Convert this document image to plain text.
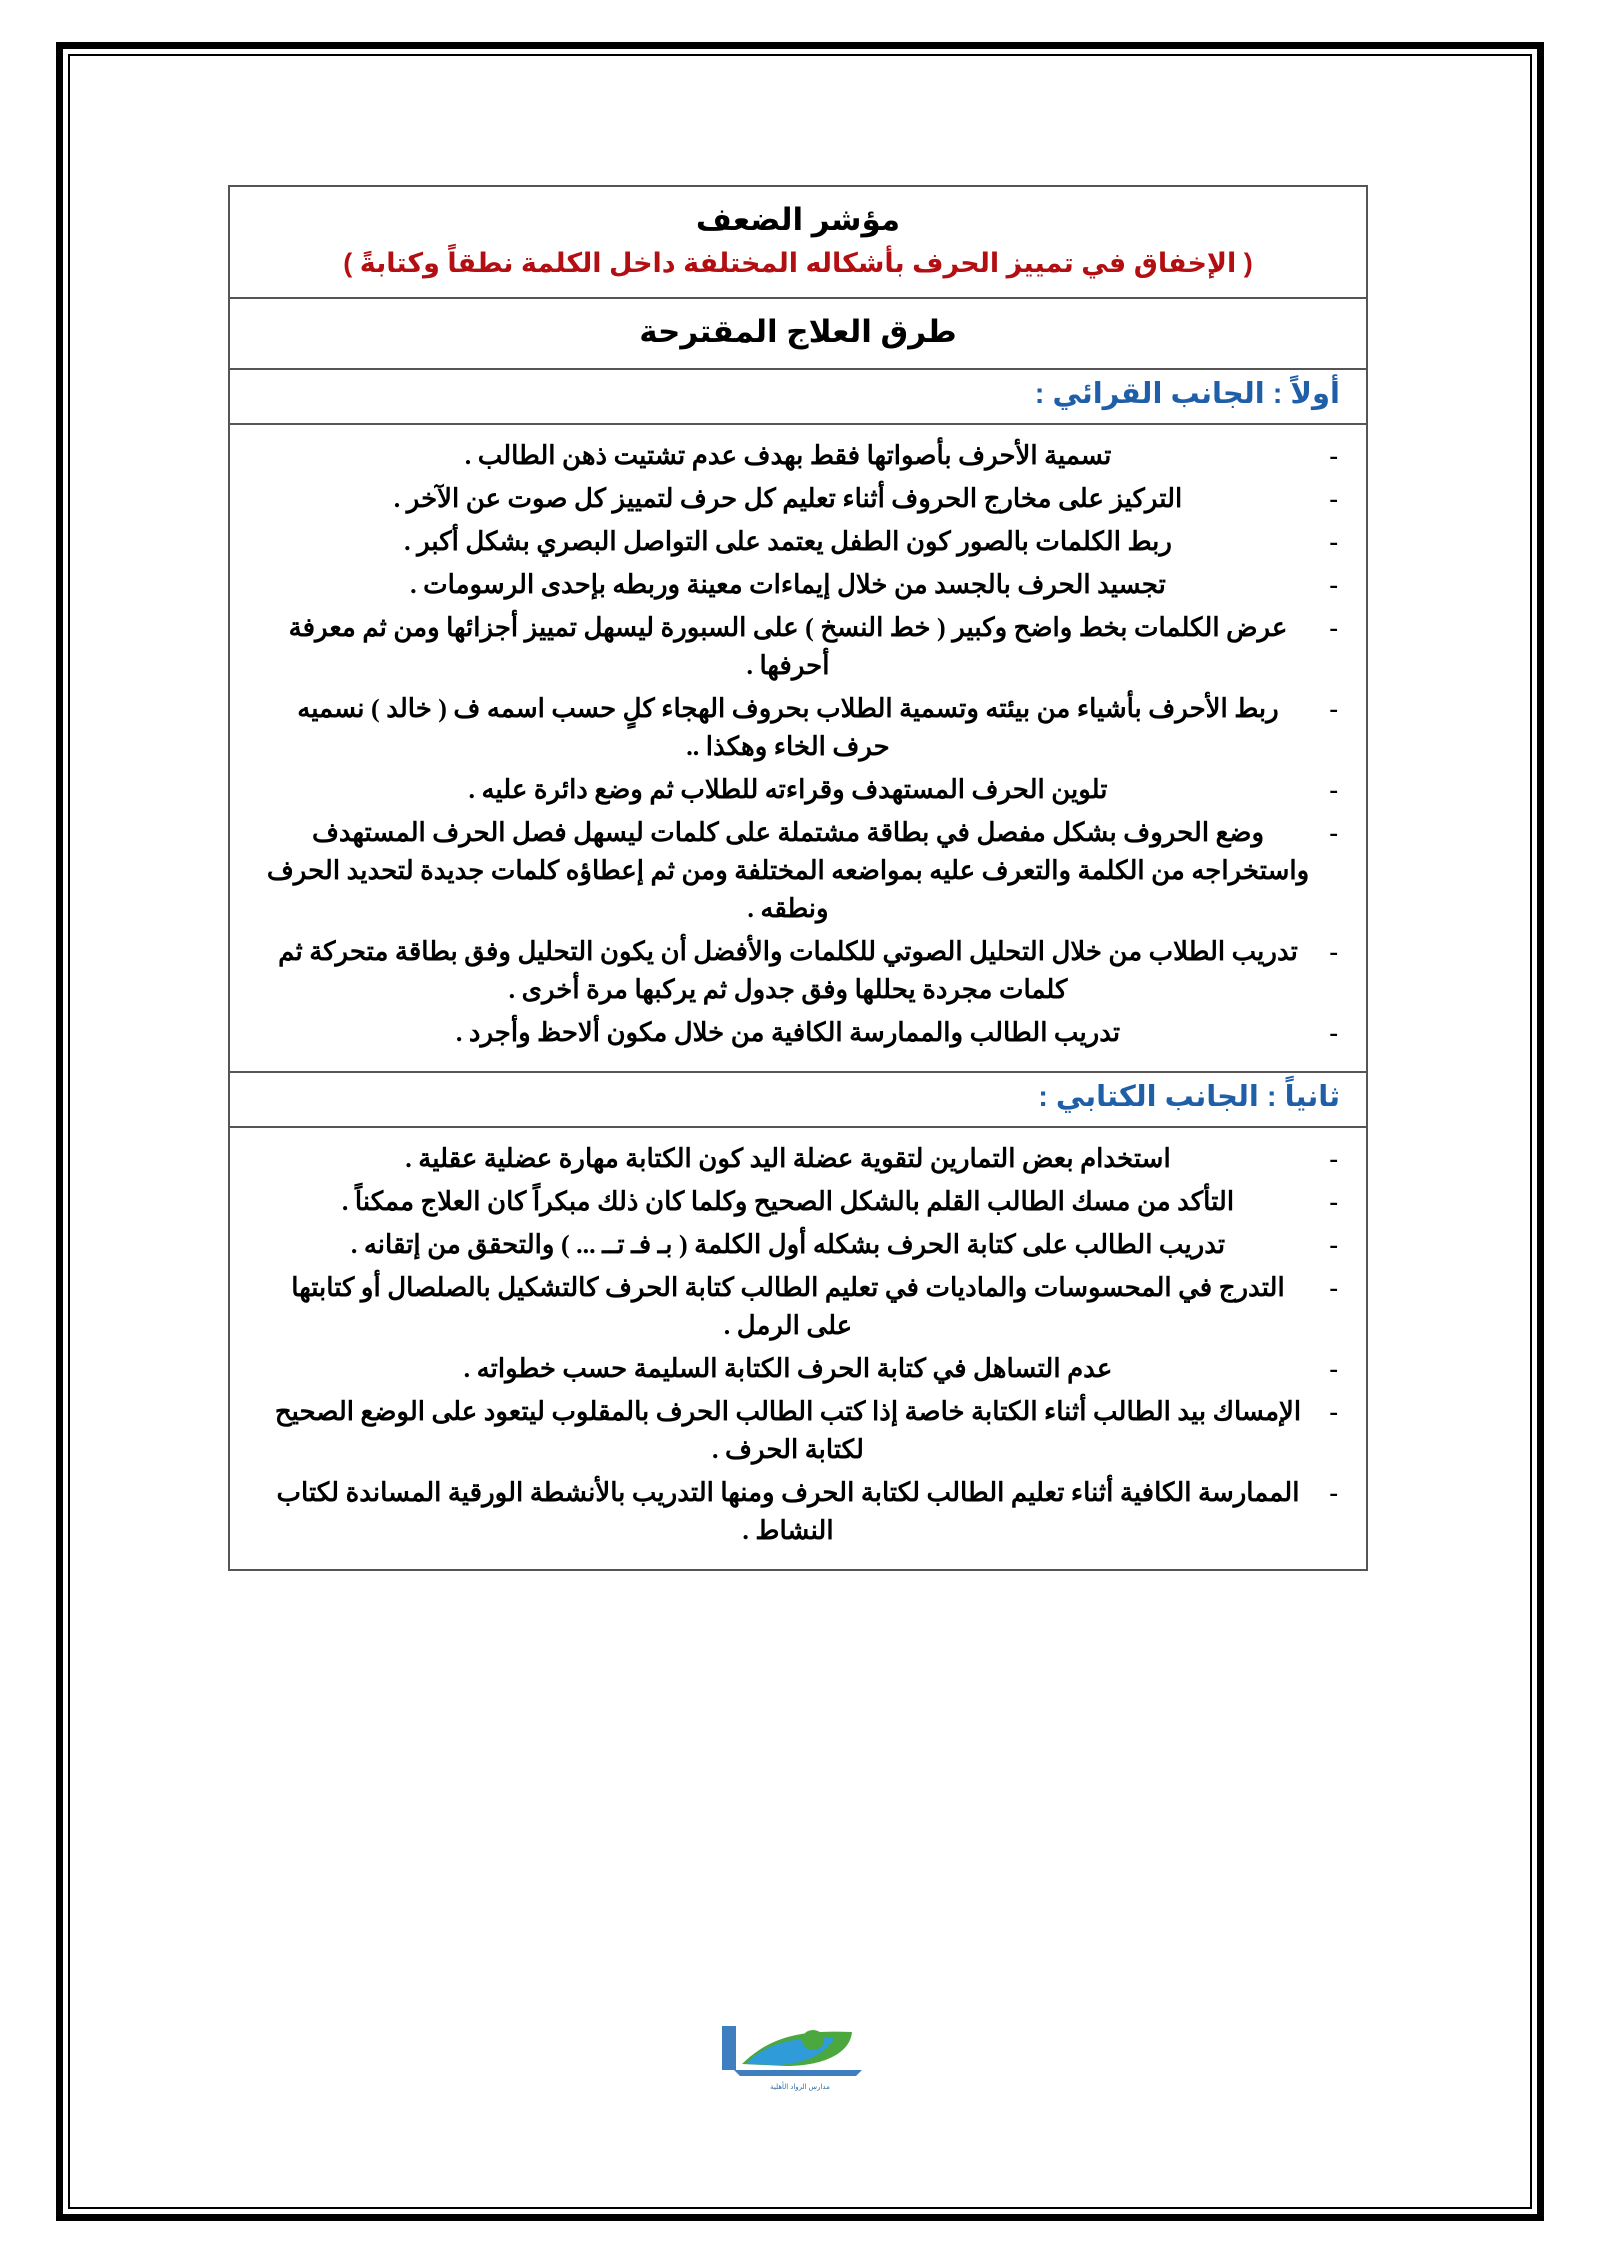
مؤشر الضعف
( الإخفاق في تمييز الحرف بأشكاله المختلفة داخل الكلمة نطقاً وكتابةً )
طرق العلاج المقترحة
أولاً : الجانب القرائي :
-
تسمية الأحرف بأصواتها فقط بهدف عدم تشتيت ذهن الطالب .
-
التركيز على مخارج الحروف أثناء تعليم كل حرف لتمييز كل صوت عن الآخر .
-
ربط الكلمات بالصور كون الطفل يعتمد على التواصل البصري بشكل أكبر .
-
تجسيد الحرف بالجسد من خلال إيماءات معينة وربطه بإحدى الرسومات .
-
عرض الكلمات بخط واضح وكبير ( خط النسخ ) على السبورة ليسهل تمييز أجزائها ومن ثم معرفة أحرفها .
-
ربط الأحرف بأشياء من بيئته وتسمية الطلاب بحروف الهجاء كلٍ حسب اسمه ف ( خالد ) نسميه حرف الخاء وهكذا ..
-
تلوين الحرف المستهدف وقراءته للطلاب ثم وضع دائرة عليه .
-
وضع الحروف بشكل مفصل في بطاقة مشتملة على كلمات ليسهل فصل الحرف المستهدف واستخراجه من الكلمة والتعرف عليه بمواضعه المختلفة ومن ثم إعطاؤه كلمات جديدة لتحديد الحرف ونطقه .
-
تدريب الطلاب من خلال التحليل الصوتي للكلمات والأفضل أن يكون التحليل وفق بطاقة متحركة ثم كلمات مجردة يحللها وفق جدول ثم يركبها مرة أخرى .
-
تدريب الطالب والممارسة الكافية من خلال مكون ألاحظ وأجرد .
ثانياً : الجانب الكتابي :
-
استخدام بعض التمارين لتقوية عضلة اليد كون الكتابة مهارة عضلية عقلية .
-
التأكد من مسك الطالب القلم بالشكل الصحيح وكلما كان ذلك مبكراً كان العلاج ممكناً .
-
تدريب الطالب على كتابة الحرف بشكله أول الكلمة ( بـ فـ تــ ... ) والتحقق من إتقانه .
-
التدرج في المحسوسات والماديات في تعليم الطالب كتابة الحرف كالتشكيل بالصلصال أو كتابتها على الرمل .
-
عدم التساهل في كتابة الحرف الكتابة السليمة حسب خطواته .
-
الإمساك بيد الطالب أثناء الكتابة خاصة إذا كتب الطالب الحرف بالمقلوب ليتعود على الوضع الصحيح لكتابة الحرف .
-
الممارسة الكافية أثناء تعليم الطالب لكتابة الحرف ومنها التدريب بالأنشطة الورقية المساندة لكتاب النشاط .
مدارس الرواد الأهلية
